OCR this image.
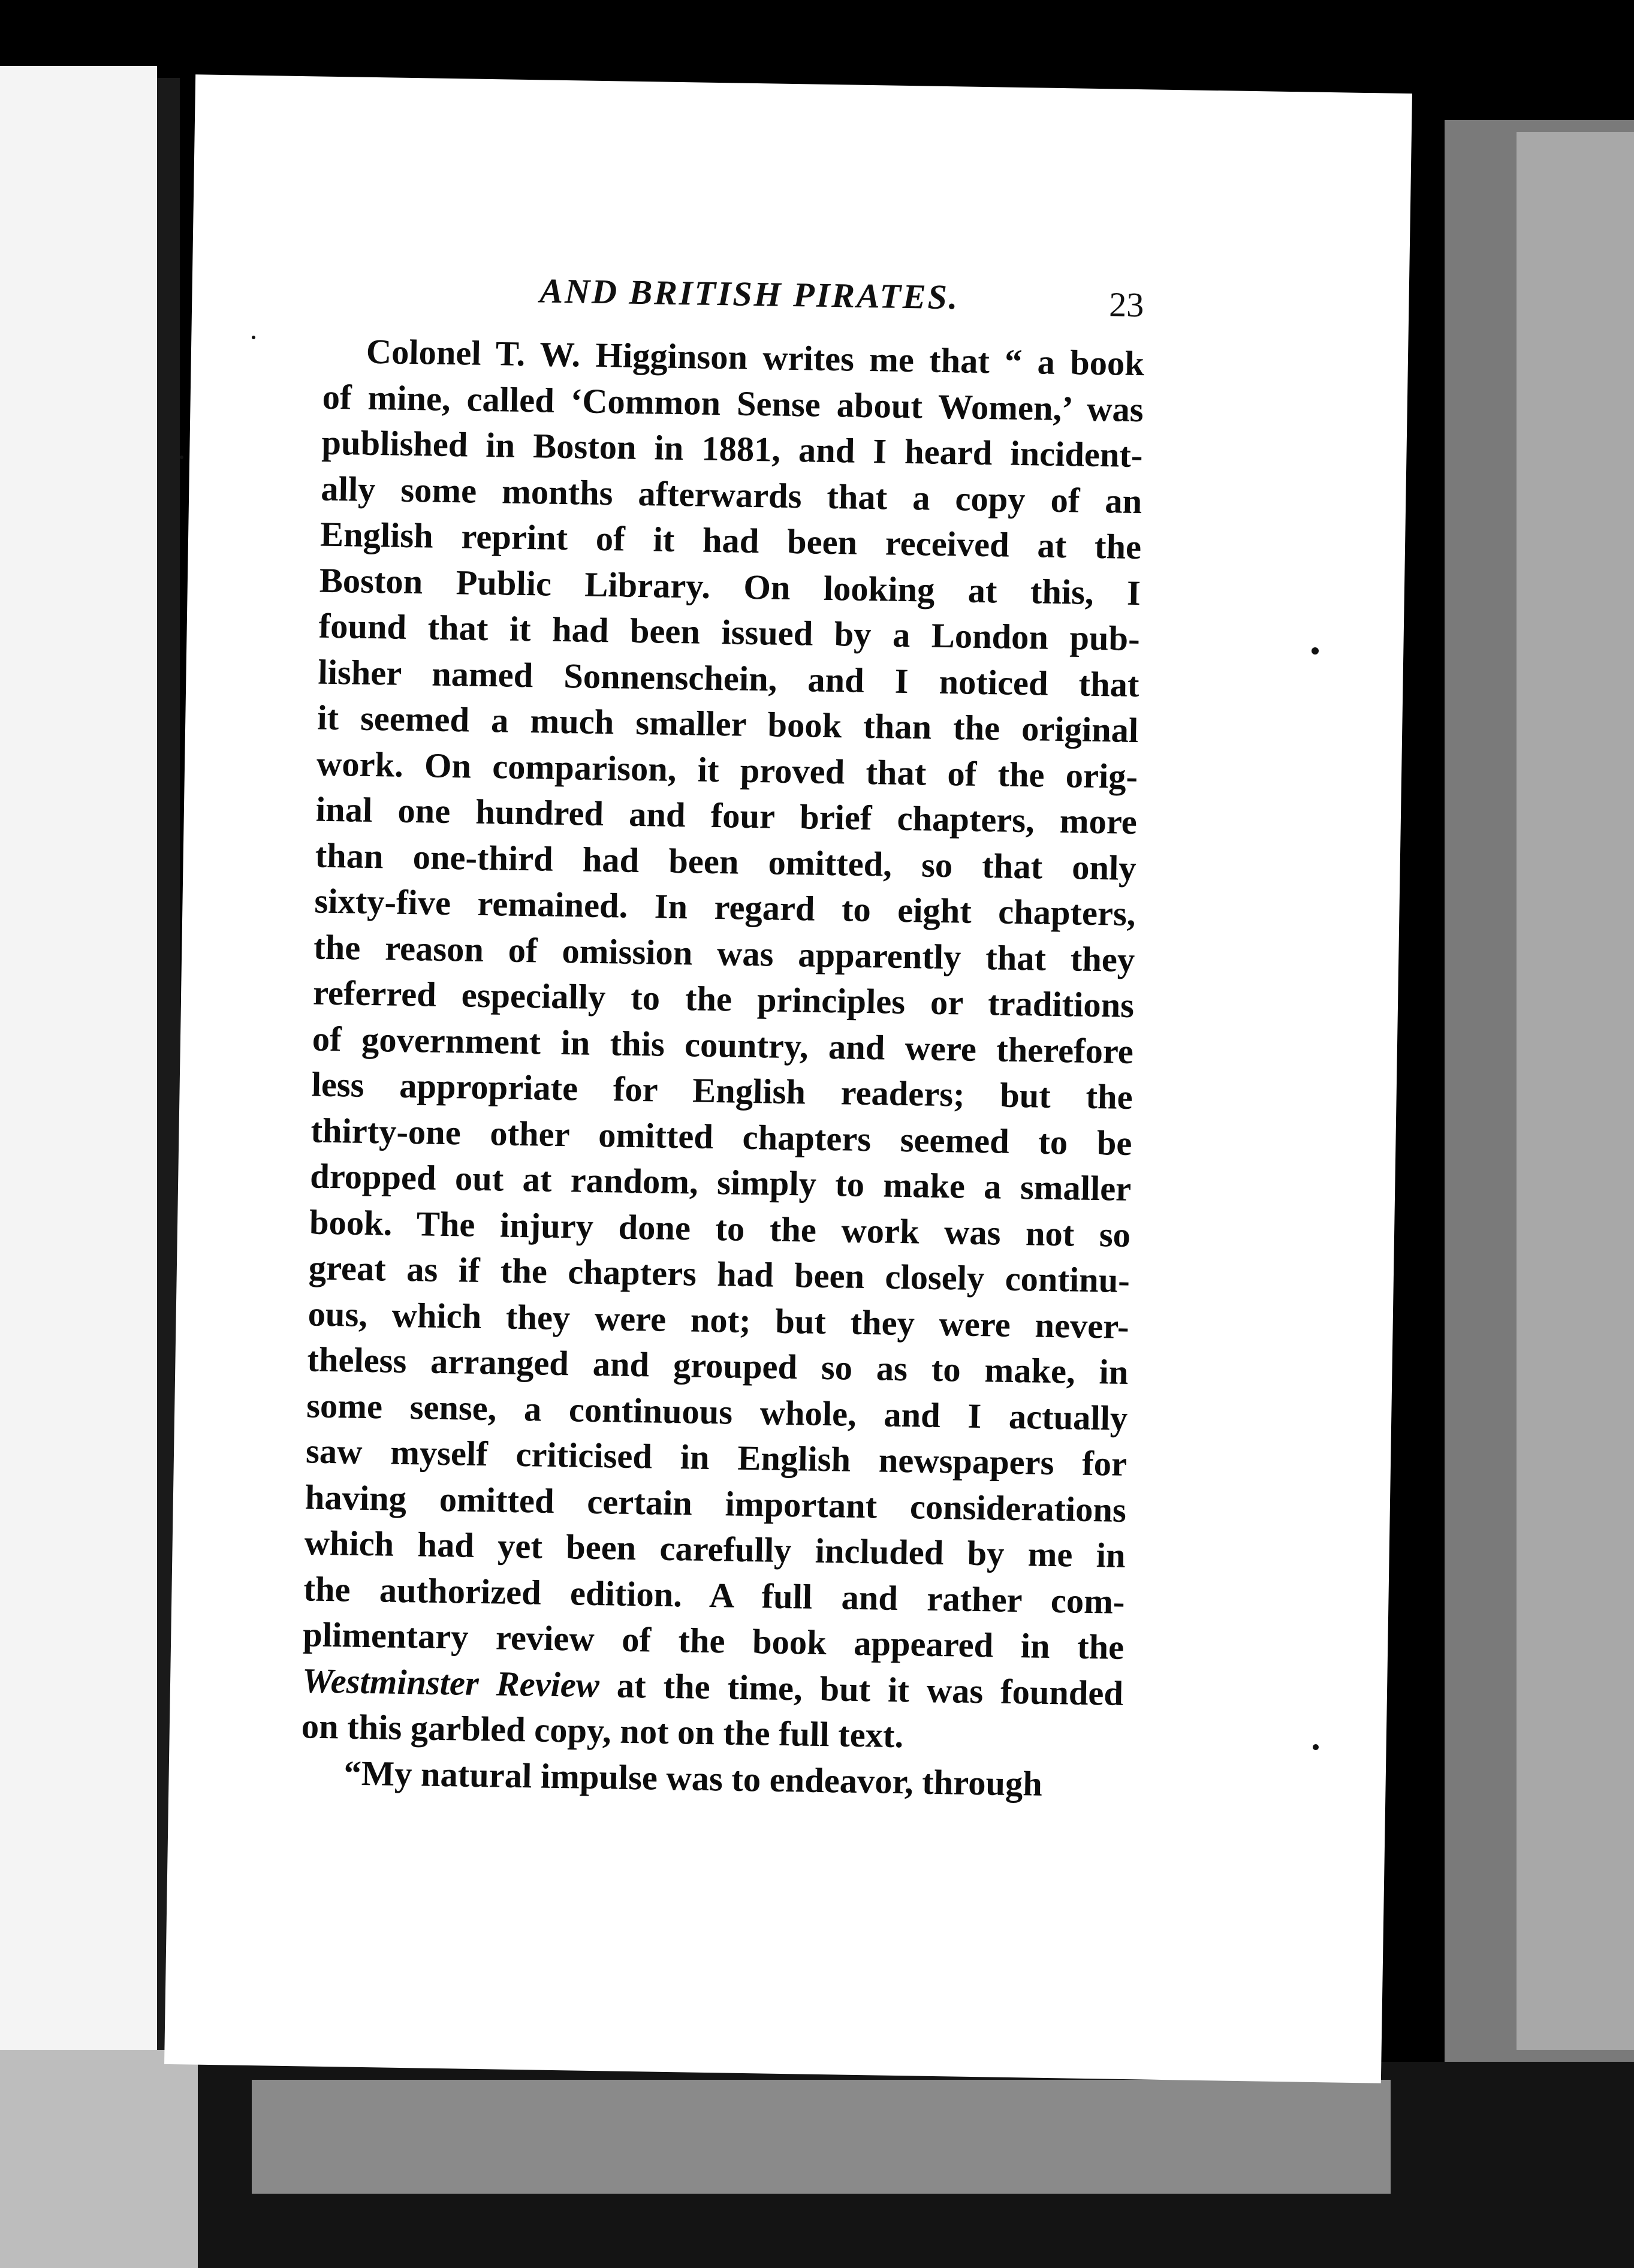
AND BRITISH PIRATES.	23
Colonel T. W. Higginson writes me that “ a book
of mine, called ‘Common Sense about Women,’ was
published in Boston in 1881, and I heard incident-
ally some months afterwards that a copy of an
English reprint of it had been received at the
Boston Public Library. On looking at this, I
found that it had been issued by a London pub-
lisher named Sonnenschein, and I noticed that
it seemed a much smaller book than the original
work. On comparison, it proved that of the orig-
inal one hundred and four brief chapters, more
than one-third had been omitted, so that only
sixty-five remained. In regard to eight chapters,
the reason of omission was apparently that they
referred especially to the principles or traditions
of government in this country, and were therefore
less appropriate for English readers; but the
thirty-one other omitted chapters seemed to be
dropped out at random, simply to make a smaller
book. The injury done to the work was not so
great as if the chapters had been closely continu-
ous, which they were not; but they were never-
theless arranged and grouped so as to make, in
some sense, a continuous whole, and I actually
saw myself criticised in English newspapers for
having omitted certain important considerations
which had yet been carefully included by me in
the authorized edition. A full and rather com-
plimentary review of the book appeared in the
Westminster Review at the time, but it was founded
on this garbled copy, not on the full text.
“My natural impulse was to endeavor, through
